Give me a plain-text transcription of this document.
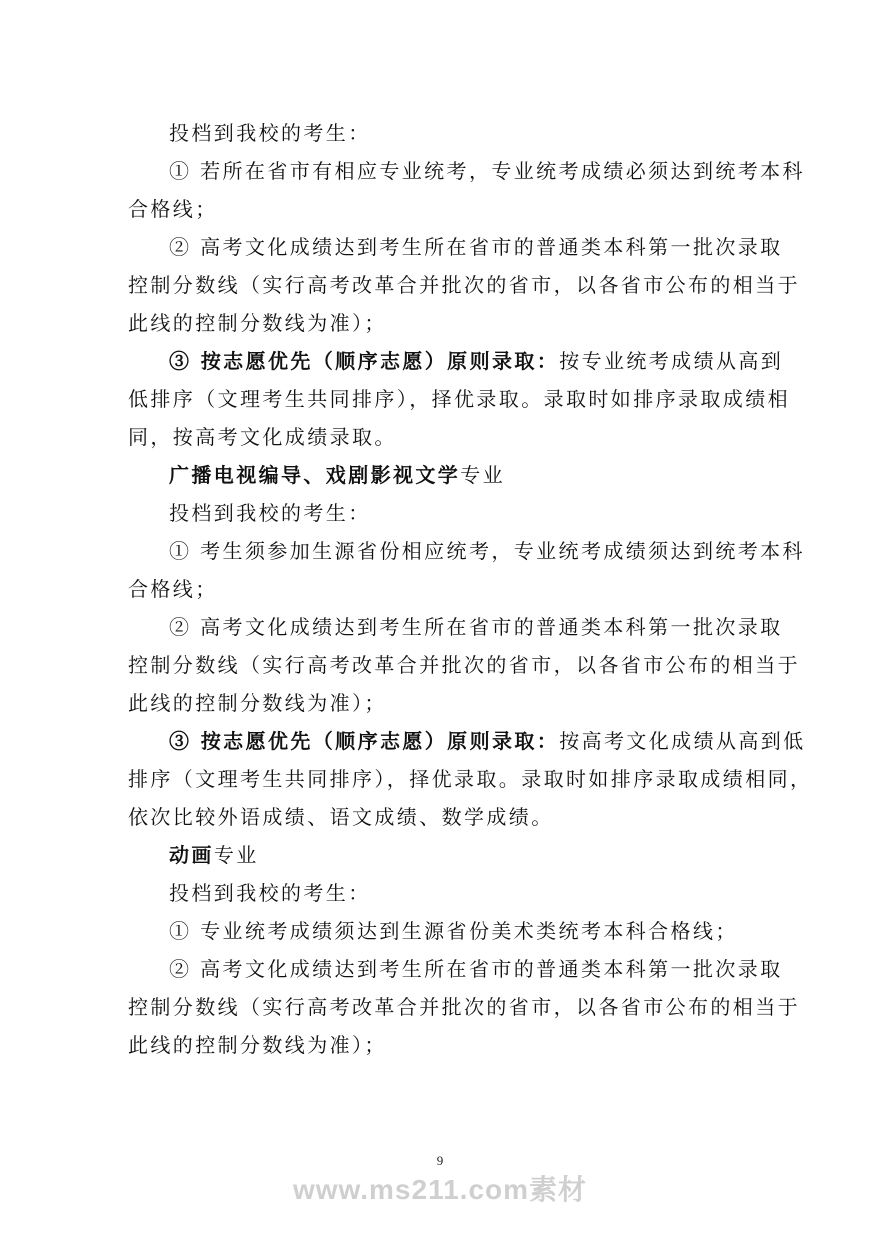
投档到我校的考生：
① 若所在省市有相应专业统考，专业统考成绩必须达到统考本科
合格线；
② 高考文化成绩达到考生所在省市的普通类本科第一批次录取
控制分数线（实行高考改革合并批次的省市，以各省市公布的相当于
此线的控制分数线为准）；
③ 按志愿优先（顺序志愿）原则录取：按专业统考成绩从高到
低排序（文理考生共同排序），择优录取。录取时如排序录取成绩相
同，按高考文化成绩录取。
广播电视编导、戏剧影视文学专业
投档到我校的考生：
① 考生须参加生源省份相应统考，专业统考成绩须达到统考本科
合格线；
② 高考文化成绩达到考生所在省市的普通类本科第一批次录取
控制分数线（实行高考改革合并批次的省市，以各省市公布的相当于
此线的控制分数线为准）；
③ 按志愿优先（顺序志愿）原则录取：按高考文化成绩从高到低
排序（文理考生共同排序），择优录取。录取时如排序录取成绩相同，
依次比较外语成绩、语文成绩、数学成绩。
动画专业
投档到我校的考生：
① 专业统考成绩须达到生源省份美术类统考本科合格线；
② 高考文化成绩达到考生所在省市的普通类本科第一批次录取
控制分数线（实行高考改革合并批次的省市，以各省市公布的相当于
此线的控制分数线为准）；
9
www.ms211.com素材
